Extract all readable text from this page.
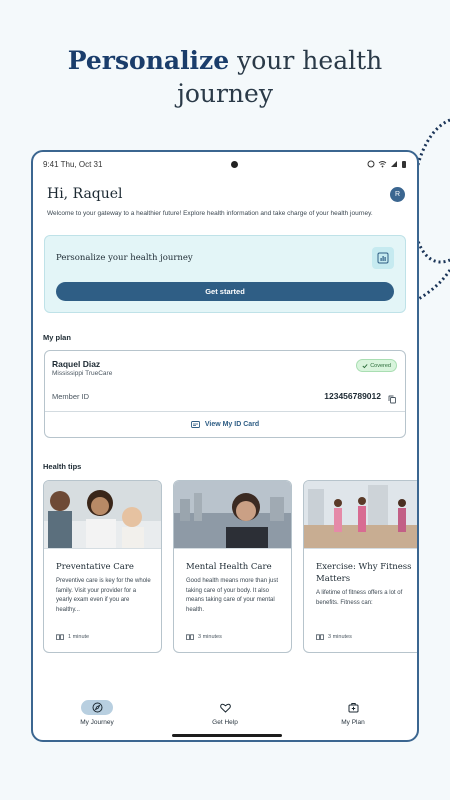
Personalize your health
journey
9:41 Thu, Oct 31
Hi, Raquel	R
Welcome to your gateway to a healthier future! Explore health information and take charge of your health journey.
Personalize your health journey
Get started
My plan
Raquel Diaz
Mississippi TrueCare
Covered
Member ID	123456789012
View My ID Card
Health tips
Preventative Care
Preventive care is key for the whole family. Visit your provider for a yearly exam even if you are healthy...
1 minute
Mental Health Care
Good health means more than just taking care of your body. It also means taking care of your mental health.
3 minutes
Exercise: Why Fitness Matters
A lifetime of fitness offers a lot of benefits. Fitness can:
3 minutes
My Journey	Get Help	My Plan
